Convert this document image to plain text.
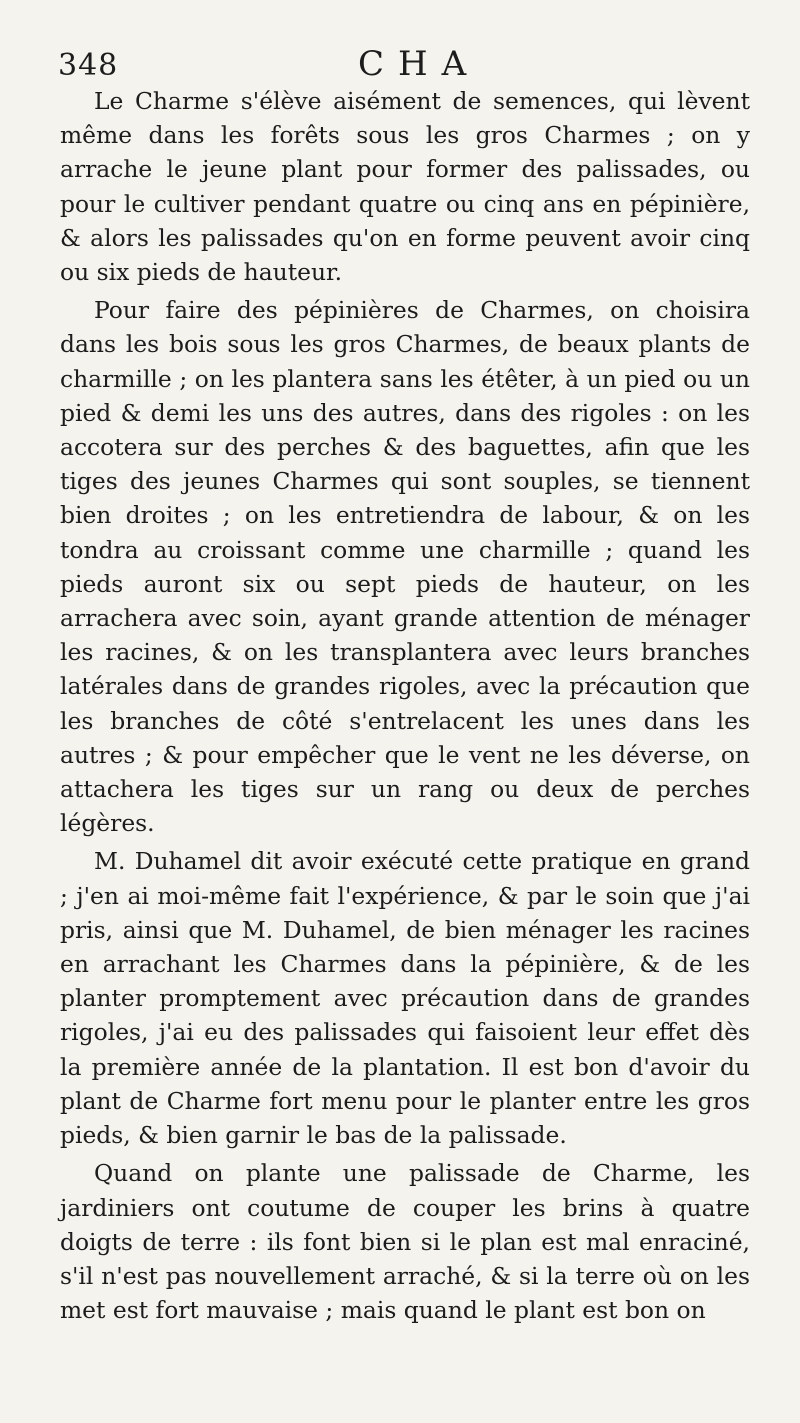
348	CHA

Le Charme s'élève aisément de semences, qui lèvent même dans les forêts sous les gros Charmes ; on y arrache le jeune plant pour former des palissades, ou pour le cultiver pendant quatre ou cinq ans en pépinière, & alors les palissades qu'on en forme peuvent avoir cinq ou six pieds de hauteur.

Pour faire des pépinières de Charmes, on choisira dans les bois sous les gros Charmes, de beaux plants de charmille ; on les plantera sans les étêter, à un pied ou un pied & demi les uns des autres, dans des rigoles : on les accotera sur des perches & des baguettes, afin que les tiges des jeunes Charmes qui sont souples, se tiennent bien droites ; on les entretiendra de labour, & on les tondra au croissant comme une charmille ; quand les pieds auront six ou sept pieds de hauteur, on les arrachera avec soin, ayant grande attention de ménager les racines, & on les transplantera avec leurs branches latérales dans de grandes rigoles, avec la précaution que les branches de côté s'entrelacent les unes dans les autres ; & pour empêcher que le vent ne les déverse, on attachera les tiges sur un rang ou deux de perches légères.

M. Duhamel dit avoir exécuté cette pratique en grand ; j'en ai moi-même fait l'expérience, & par le soin que j'ai pris, ainsi que M. Duhamel, de bien ménager les racines en arrachant les Charmes dans la pépinière, & de les planter promptement avec précaution dans de grandes rigoles, j'ai eu des palissades qui faisoient leur effet dès la première année de la plantation. Il est bon d'avoir du plant de Charme fort menu pour le planter entre les gros pieds, & bien garnir le bas de la palissade.

Quand on plante une palissade de Charme, les jardiniers ont coutume de couper les brins à quatre doigts de terre : ils font bien si le plan est mal enraciné, s'il n'est pas nouvellement arraché, & si la terre où on les met est fort mauvaise ; mais quand le plant est bon on
